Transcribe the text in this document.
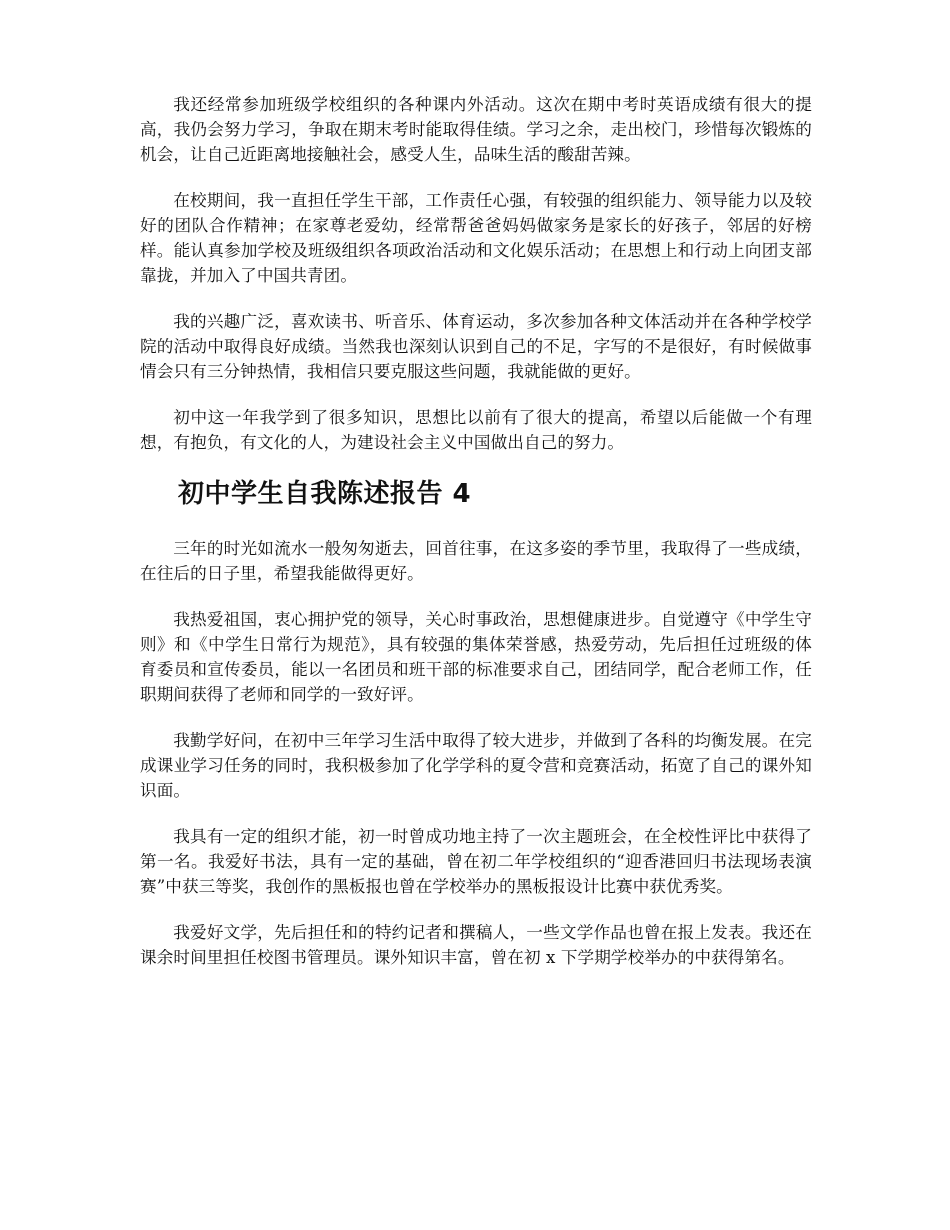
我还经常参加班级学校组织的各种课内外活动。这次在期中考时英语成绩有很大的提高，我仍会努力学习，争取在期末考时能取得佳绩。学习之余，走出校门，珍惜每次锻炼的机会，让自己近距离地接触社会，感受人生，品味生活的酸甜苦辣。

在校期间，我一直担任学生干部，工作责任心强，有较强的组织能力、领导能力以及较好的团队合作精神；在家尊老爱幼，经常帮爸爸妈妈做家务是家长的好孩子，邻居的好榜样。能认真参加学校及班级组织各项政治活动和文化娱乐活动；在思想上和行动上向团支部靠拢，并加入了中国共青团。

我的兴趣广泛，喜欢读书、听音乐、体育运动，多次参加各种文体活动并在各种学校学院的活动中取得良好成绩。当然我也深刻认识到自己的不足，字写的不是很好，有时候做事情会只有三分钟热情，我相信只要克服这些问题，我就能做的更好。

初中这一年我学到了很多知识，思想比以前有了很大的提高，希望以后能做一个有理想，有抱负，有文化的人，为建设社会主义中国做出自己的努力。

初中学生自我陈述报告 4

三年的时光如流水一般匆匆逝去，回首往事，在这多姿的季节里，我取得了一些成绩，在往后的日子里，希望我能做得更好。

我热爱祖国，衷心拥护党的领导，关心时事政治，思想健康进步。自觉遵守《中学生守则》和《中学生日常行为规范》，具有较强的集体荣誉感，热爱劳动，先后担任过班级的体育委员和宣传委员，能以一名团员和班干部的标准要求自己，团结同学，配合老师工作，任职期间获得了老师和同学的一致好评。

我勤学好问，在初中三年学习生活中取得了较大进步，并做到了各科的均衡发展。在完成课业学习任务的同时，我积极参加了化学学科的夏令营和竞赛活动，拓宽了自己的课外知识面。

我具有一定的组织才能，初一时曾成功地主持了一次主题班会，在全校性评比中获得了第一名。我爱好书法，具有一定的基础，曾在初二年学校组织的“迎香港回归书法现场表演赛”中获三等奖，我创作的黑板报也曾在学校举办的黑板报设计比赛中获优秀奖。

我爱好文学，先后担任和的特约记者和撰稿人，一些文学作品也曾在报上发表。我还在课余时间里担任校图书管理员。课外知识丰富，曾在初 x 下学期学校举办的中获得第名。
